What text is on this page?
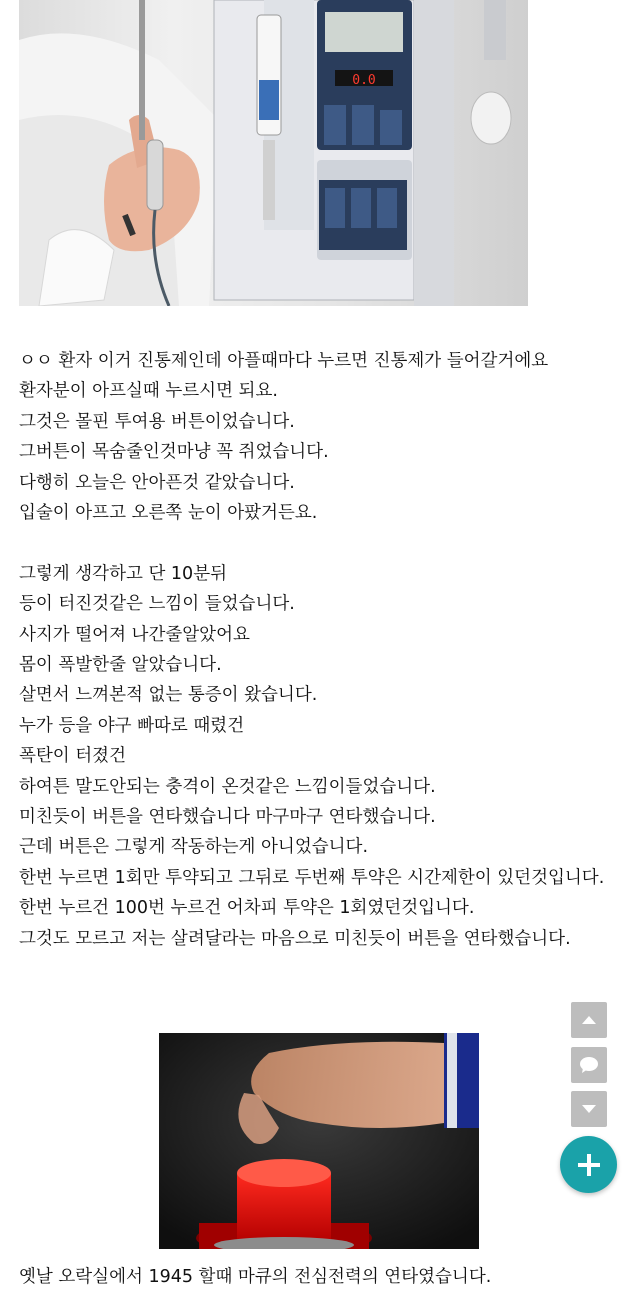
0.0

ㅇㅇ 환자 이거 진통제인데 아플때마다 누르면 진통제가 들어갈거에요

환자분이 아프실때 누르시면 되요.

그것은 몰핀 투여용 버튼이었습니다.

그버튼이 목숨줄인것마냥 꼭 쥐었습니다.

다행히 오늘은 안아픈것 같았습니다.

입술이 아프고 오른쪽 눈이 아팠거든요.

그렇게 생각하고 단 10분뒤

등이 터진것같은 느낌이 들었습니다.

사지가 떨어져 나간줄알았어요

몸이 폭발한줄 알았습니다.

살면서 느껴본적 없는 통증이 왔습니다.

누가 등을 야구 빠따로 때렸건

폭탄이 터졌건

하여튼 말도안되는 충격이 온것같은 느낌이들었습니다.

미친듯이 버튼을 연타했습니다 마구마구 연타했습니다.

근데 버튼은 그렇게 작동하는게 아니었습니다.

한번 누르면 1회만 투약되고 그뒤로 두번째 투약은 시간제한이 있던것입니다.

한번 누르건 100번 누르건 어차피 투약은 1회였던것입니다.

그것도 모르고 저는 살려달라는 마음으로 미친듯이 버튼을 연타했습니다.

옛날 오락실에서 1945 할때 마큐의 전심전력의 연타였습니다.
